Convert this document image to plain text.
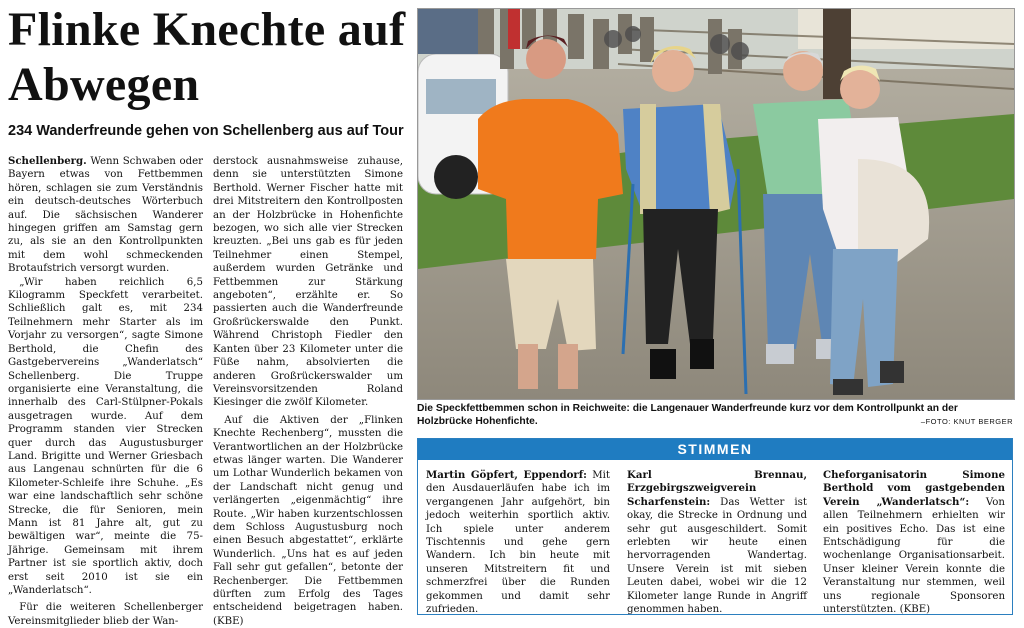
Flinke Knechte auf Abwegen
234 Wanderfreunde gehen von Schellenberg aus auf Tour

Schellenberg. Wenn Schwaben oder Bayern etwas von Fettbemmen hören, schlagen sie zum Verständnis ein deutsch-deutsches Wörterbuch auf. Die sächsischen Wanderer hingegen griffen am Samstag gern zu, als sie an den Kontrollpunkten mit dem wohl schmeckenden Brotaufstrich versorgt wurden.

„Wir haben reichlich 6,5 Kilogramm Speckfett verarbeitet. Schließlich galt es, mit 234 Teilnehmern mehr Starter als im Vorjahr zu versorgen“, sagte Simone Berthold, die Chefin des Gastgebervereins „Wanderlatsch“ Schellenberg. Die Truppe organisierte eine Veranstaltung, die innerhalb des Carl-Stülpner-Pokals ausgetragen wurde. Auf dem Programm standen vier Strecken quer durch das Augustusburger Land. Brigitte und Werner Griesbach aus Langenau schnürten für die 6 Kilometer-Schleife ihre Schuhe. „Es war eine landschaftlich sehr schöne Strecke, die für Senioren, mein Mann ist 81 Jahre alt, gut zu bewältigen war“, meinte die 75-Jährige. Gemeinsam mit ihrem Partner ist sie sportlich aktiv, doch erst seit 2010 ist sie ein „Wanderlatsch“.

Für die weiteren Schellenberger Vereinsmitglieder blieb der Wan-

derstock ausnahmsweise zuhause, denn sie unterstützten Simone Berthold. Werner Fischer hatte mit drei Mitstreitern den Kontrollposten an der Holzbrücke in Hohenfichte bezogen, wo sich alle vier Strecken kreuzten. „Bei uns gab es für jeden Teilnehmer einen Stempel, außerdem wurden Getränke und Fettbemmen zur Stärkung angeboten“, erzählte er. So passierten auch die Wanderfreunde Großrückerswalde den Punkt. Während Christoph Fiedler den Kanten über 23 Kilometer unter die Füße nahm, absolvierten die anderen Großrückerswalder um Vereinsvorsitzenden Roland Kiesinger die zwölf Kilometer.

Auf die Aktiven der „Flinken Knechte Rechenberg“, mussten die Verantwortlichen an der Holzbrücke etwas länger warten. Die Wanderer um Lothar Wunderlich bekamen von der Landschaft nicht genug und verlängerten „eigenmächtig“ ihre Route. „Wir haben kurzentschlossen dem Schloss Augustusburg noch einen Besuch abgestattet“, erklärte Wunderlich. „Uns hat es auf jeden Fall sehr gut gefallen“, betonte der Rechenberger. Die Fettbemmen dürften zum Erfolg des Tages entscheidend beigetragen haben. (KBE)

Die Speckfettbemmen schon in Reichweite: die Langenauer Wanderfreunde kurz vor dem Kontrollpunkt an der Holzbrücke Hohenfichte.	–FOTO: KNUT BERGER

STIMMEN
Martin Göpfert, Eppendorf: Mit den Ausdauerläufen habe ich im vergangenen Jahr aufgehört, bin jedoch weiterhin sportlich aktiv. Ich spiele unter anderem Tischtennis und gehe gern Wandern. Ich bin heute mit unseren Mitstreitern fit und schmerzfrei über die Runden gekommen und damit sehr zufrieden.
Karl Brennau, Erzgebirgszweigverein Scharfenstein: Das Wetter ist okay, die Strecke in Ordnung und sehr gut ausgeschildert. Somit erlebten wir heute einen hervorragenden Wandertag. Unsere Verein ist mit sieben Leuten dabei, wobei wir die 12 Kilometer lange Runde in Angriff genommen haben.
Cheforganisatorin Simone Berthold vom gastgebenden Verein „Wanderlatsch“: Von allen Teilnehmern erhielten wir ein positives Echo. Das ist eine Entschädigung für die wochenlange Organisationsarbeit. Unser kleiner Verein konnte die Veranstaltung nur stemmen, weil uns regionale Sponsoren unterstützten. (KBE)
